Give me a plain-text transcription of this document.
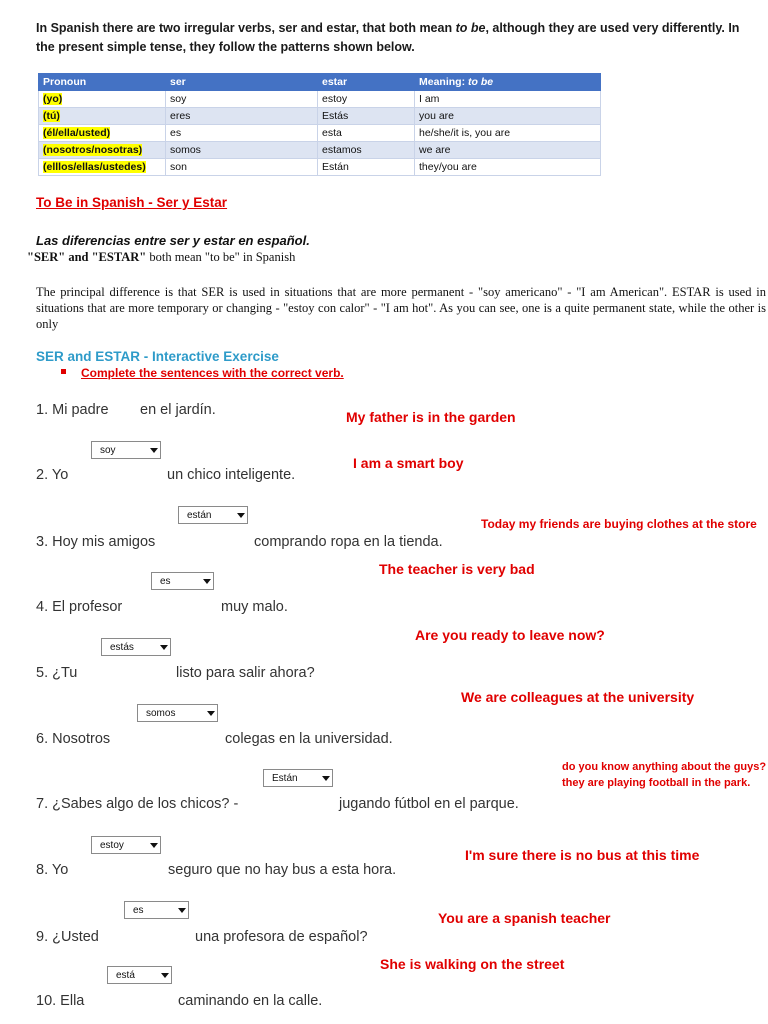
In Spanish there are two irregular verbs, ser and estar, that both mean to be, although they are used very differently. In the present simple tense, they follow the patterns shown below.
Pronoun	ser	estar	Meaning: to be
(yo)	soy	estoy	I am
(tú)	eres	Estás	you are
(él/ella/usted)	es	esta	he/she/it is, you are
(nosotros/nosotras)	somos	estamos	we are
(elllos/ellas/ustedes)	son	Están	they/you are
To Be in Spanish - Ser y Estar
Las diferencias entre ser y estar en español.
"SER" and "ESTAR" both mean "to be" in Spanish
The principal difference is that SER is used in situations that are more permanent - "soy americano" - "I am American". ESTAR is used in situations that are more temporary or changing - "estoy con calor" - "I am hot". As you can see, one is a quite permanent state, while the other is only
SER and ESTAR - Interactive Exercise
Complete the sentences with the correct verb.
1. Mi padre en el jardín.	My father is in the garden
soy
2. Yo	un chico inteligente.
I am a smart boy
están
3. Hoy mis amigos	comprando ropa en la tienda.
Today my friends are buying clothes at the store
es
4. El profesor	muy malo.
The teacher is very bad
estás
5. ¿Tu	listo para salir ahora?
Are you ready to leave now?
somos
6. Nosotros	colegas en la universidad.
We are colleagues at the university
Están
7. ¿Sabes algo de los chicos? -	jugando fútbol en el parque.
do you know anything about the guys?
they are playing football in the park.
estoy
8. Yo	seguro que no hay bus a esta hora.
I'm sure there is no bus at this time
es
9. ¿Usted	una profesora de español?
You are a spanish teacher
está
10. Ella	caminando en la calle.
She is walking on the street
